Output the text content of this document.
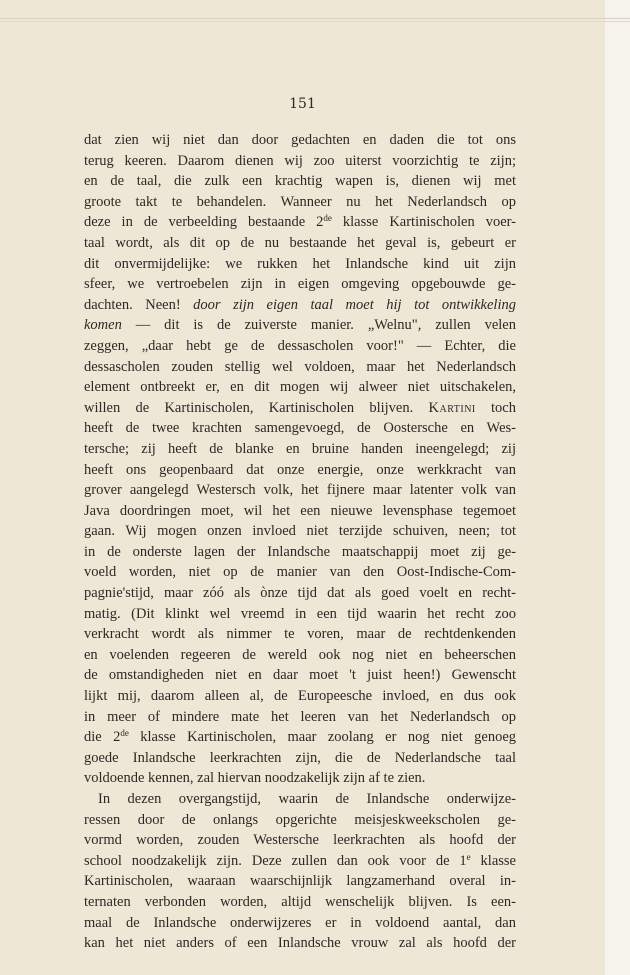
151
dat zien wij niet dan door gedachten en daden die tot ons
terug keeren. Daarom dienen wij zoo uiterst voorzichtig te zijn;
en de taal, die zulk een krachtig wapen is, dienen wij met
groote takt te behandelen. Wanneer nu het Nederlandsch op
deze in de verbeelding bestaande 2de klasse Kartinischolen voer-
taal wordt, als dit op de nu bestaande het geval is, gebeurt er
dit onvermijdelijke: we rukken het Inlandsche kind uit zijn
sfeer, we vertroebelen zijn in eigen omgeving opgebouwde ge-
dachten. Neen! door zijn eigen taal moet hij tot ontwikkeling
komen — dit is de zuiverste manier. „Welnu", zullen velen
zeggen, „daar hebt ge de dessascholen voor!" — Echter, die
dessascholen zouden stellig wel voldoen, maar het Nederlandsch
element ontbreekt er, en dit mogen wij alweer niet uitschakelen,
willen de Kartinischolen, Kartinischolen blijven. Kartini toch
heeft de twee krachten samengevoegd, de Oostersche en Wes-
tersche; zij heeft de blanke en bruine handen ineengelegd; zij
heeft ons geopenbaard dat onze energie, onze werkkracht van
grover aangelegd Westersch volk, het fijnere maar latenter volk van
Java doordringen moet, wil het een nieuwe levensphase tegemoet
gaan. Wij mogen onzen invloed niet terzijde schuiven, neen; tot
in de onderste lagen der Inlandsche maatschappij moet zij ge-
voeld worden, niet op de manier van den Oost-Indische-Com-
pagnie'stijd, maar zóó als ònze tijd dat als goed voelt en recht-
matig. (Dit klinkt wel vreemd in een tijd waarin het recht zoo
verkracht wordt als nimmer te voren, maar de rechtdenkenden
en voelenden regeeren de wereld ook nog niet en beheerschen
de omstandigheden niet en daar moet 't juist heen!) Gewenscht
lijkt mij, daarom alleen al, de Europeesche invloed, en dus ook
in meer of mindere mate het leeren van het Nederlandsch op
die 2de klasse Kartinischolen, maar zoolang er nog niet genoeg
goede Inlandsche leerkrachten zijn, die de Nederlandsche taal
voldoende kennen, zal hiervan noodzakelijk zijn af te zien.
In dezen overgangstijd, waarin de Inlandsche onderwijze-
ressen door de onlangs opgerichte meisjeskweekscholen ge-
vormd worden, zouden Westersche leerkrachten als hoofd der
school noodzakelijk zijn. Deze zullen dan ook voor de 1e klasse
Kartinischolen, waaraan waarschijnlijk langzamerhand overal in-
ternaten verbonden worden, altijd wenschelijk blijven. Is een-
maal de Inlandsche onderwijzeres er in voldoend aantal, dan
kan het niet anders of een Inlandsche vrouw zal als hoofd der
